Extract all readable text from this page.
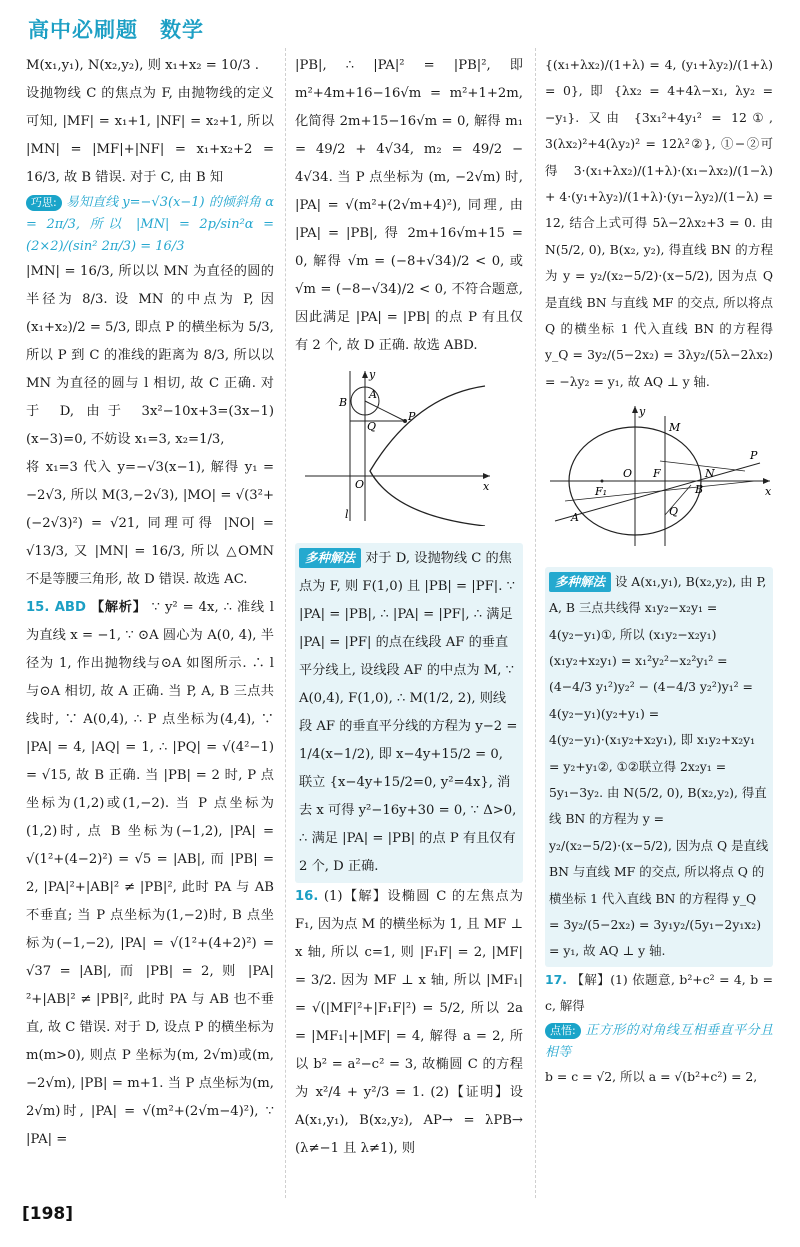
高中必刷题　数学

M(x₁,y₁), N(x₂,y₂), 则 x₁+x₂ = 10/3 .

设抛物线 C 的焦点为 F, 由抛物线的定义可知, |MF| = x₁+1, |NF| = x₂+1, 所以 |MN| = |MF|+|NF| = x₁+x₂+2 = 16/3, 故 B 错误. 对于 C, 由 B 知

巧思: 易知直线 y=−√3(x−1) 的倾斜角 α = 2π/3, 所以 |MN| = 2p/sin²α = (2×2)/(sin² 2π/3) = 16/3

|MN| = 16/3, 所以以 MN 为直径的圆的半径为 8/3. 设 MN 的中点为 P, 因 (x₁+x₂)/2 = 5/3, 即点 P 的横坐标为 5/3,

所以 P 到 C 的准线的距离为 8/3, 所以以 MN 为直径的圆与 l 相切, 故 C 正确. 对于 D, 由于 3x²−10x+3=(3x−1)(x−3)=0, 不妨设 x₁=3, x₂=1/3,

将 x₁=3 代入 y=−√3(x−1), 解得 y₁ = −2√3, 所以 M(3,−2√3), |MO| = √(3²+(−2√3)²) = √21, 同理可得 |NO| = √13/3, 又 |MN| = 16/3, 所以 △OMN 不是等腰三角形, 故 D 错误. 故选 AC.

15. ABD 【解析】 ∵ y² = 4x, ∴ 准线 l 为直线 x = −1, ∵ ⊙A 圆心为 A(0, 4), 半径为 1, 作出抛物线与⊙A 如图所示. ∴ l 与⊙A 相切, 故 A 正确. 当 P, A, B 三点共线时, ∵ A(0,4), ∴ P 点坐标为(4,4), ∵ |PA| = 4, |AQ| = 1, ∴ |PQ| = √(4²−1) = √15, 故 B 正确. 当 |PB| = 2 时, P 点坐标为(1,2)或(1,−2). 当 P 点坐标为(1,2)时, 点 B 坐标为(−1,2), |PA| = √(1²+(4−2)²) = √5 = |AB|, 而 |PB| = 2, |PA|²+|AB|² ≠ |PB|², 此时 PA 与 AB 不垂直; 当 P 点坐标为(1,−2)时, B 点坐标为(−1,−2), |PA| = √(1²+(4+2)²) = √37 = |AB|, 而 |PB| = 2, 则 |PA|²+|AB|² ≠ |PB|², 此时 PA 与 AB 也不垂直, 故 C 错误. 对于 D, 设点 P 的横坐标为 m(m>0), 则点 P 坐标为(m, 2√m)或(m, −2√m), |PB| = m+1. 当 P 点坐标为(m, 2√m)时, |PA| = √(m²+(2√m−4)²), ∵ |PA| =

|PB|, ∴ |PA|² = |PB|², 即 m²+4m+16−16√m = m²+1+2m, 化简得 2m+15−16√m = 0, 解得 m₁ = 49/2 + 4√34, m₂ = 49/2 − 4√34. 当 P 点坐标为 (m, −2√m) 时, |PA| = √(m²+(2√m+4)²), 同理, 由 |PA| = |PB|, 得 2m+16√m+15 = 0, 解得 √m = (−8+√34)/2 < 0, 或 √m = (−8−√34)/2 < 0, 不符合题意, 因此满足 |PA| = |PB| 的点 P 有且仅有 2 个, 故 D 正确. 故选 ABD.

y
x
O
A
B
Q
P
l
多种解法 对于 D, 设抛物线 C 的焦点为 F, 则 F(1,0) 且 |PB| = |PF|. ∵ |PA| = |PB|, ∴ |PA| = |PF|, ∴ 满足 |PA| = |PF| 的点在线段 AF 的垂直平分线上, 设线段 AF 的中点为 M, ∵ A(0,4), F(1,0), ∴ M(1/2, 2), 则线段 AF 的垂直平分线的方程为 y−2 = 1/4(x−1/2), 即 x−4y+15/2 = 0, 联立 {x−4y+15/2=0, y²=4x}, 消去 x 可得 y²−16y+30 = 0, ∵ Δ>0, ∴ 满足 |PA| = |PB| 的点 P 有且仅有 2 个, D 正确.

16. (1)【解】设椭圆 C 的左焦点为 F₁, 因为点 M 的横坐标为 1, 且 MF ⊥ x 轴, 所以 c=1, 则 |F₁F| = 2, |MF| = 3/2. 因为 MF ⊥ x 轴, 所以 |MF₁| = √(|MF|²+|F₁F|²) = 5/2, 所以 2a = |MF₁|+|MF| = 4, 解得 a = 2, 所以 b² = a²−c² = 3, 故椭圆 C 的方程为 x²/4 + y²/3 = 1. (2)【证明】设 A(x₁,y₁), B(x₂,y₂), AP→ = λPB→ (λ≠−1 且 λ≠1), 则

{(x₁+λx₂)/(1+λ) = 4, (y₁+λy₂)/(1+λ) = 0}, 即 {λx₂ = 4+4λ−x₁, λy₂ = −y₁}. 又由 {3x₁²+4y₁² = 12①, 3(λx₂)²+4(λy₂)² = 12λ²②}, ①−②可得 3·(x₁+λx₂)/(1+λ)·(x₁−λx₂)/(1−λ) + 4·(y₁+λy₂)/(1+λ)·(y₁−λy₂)/(1−λ) = 12, 结合上式可得 5λ−2λx₂+3 = 0. 由 N(5/2, 0), B(x₂, y₂), 得直线 BN 的方程为 y = y₂/(x₂−5/2)·(x−5/2), 因为点 Q 是直线 BN 与直线 MF 的交点, 所以将点 Q 的横坐标 1 代入直线 BN 的方程得 y_Q = 3y₂/(5−2x₂) = 3λy₂/(5λ−2λx₂) = −λy₂ = y₁, 故 AQ ⊥ y 轴.

y
x
O
F₁
F
M
N
P
A
B
Q
多种解法 设 A(x₁,y₁), B(x₂,y₂), 由 P, A, B 三点共线得 x₁y₂−x₂y₁ = 4(y₂−y₁)①, 所以 (x₁y₂−x₂y₁)(x₁y₂+x₂y₁) = x₁²y₂²−x₂²y₁² = (4−4/3 y₁²)y₂² − (4−4/3 y₂²)y₁² = 4(y₂−y₁)(y₂+y₁) = 4(y₂−y₁)·(x₁y₂+x₂y₁), 即 x₁y₂+x₂y₁ = y₂+y₁②, ①②联立得 2x₂y₁ = 5y₁−3y₂. 由 N(5/2, 0), B(x₂,y₂), 得直线 BN 的方程为 y = y₂/(x₂−5/2)·(x−5/2), 因为点 Q 是直线 BN 与直线 MF 的交点, 所以将点 Q 的横坐标 1 代入直线 BN 的方程得 y_Q = 3y₂/(5−2x₂) = 3y₁y₂/(5y₁−2y₁x₂) = y₁, 故 AQ ⊥ y 轴.

17. 【解】(1) 依题意, b²+c² = 4, b = c, 解得

点悟: 正方形的对角线互相垂直平分且相等

b = c = √2, 所以 a = √(b²+c²) = 2,

[198]
